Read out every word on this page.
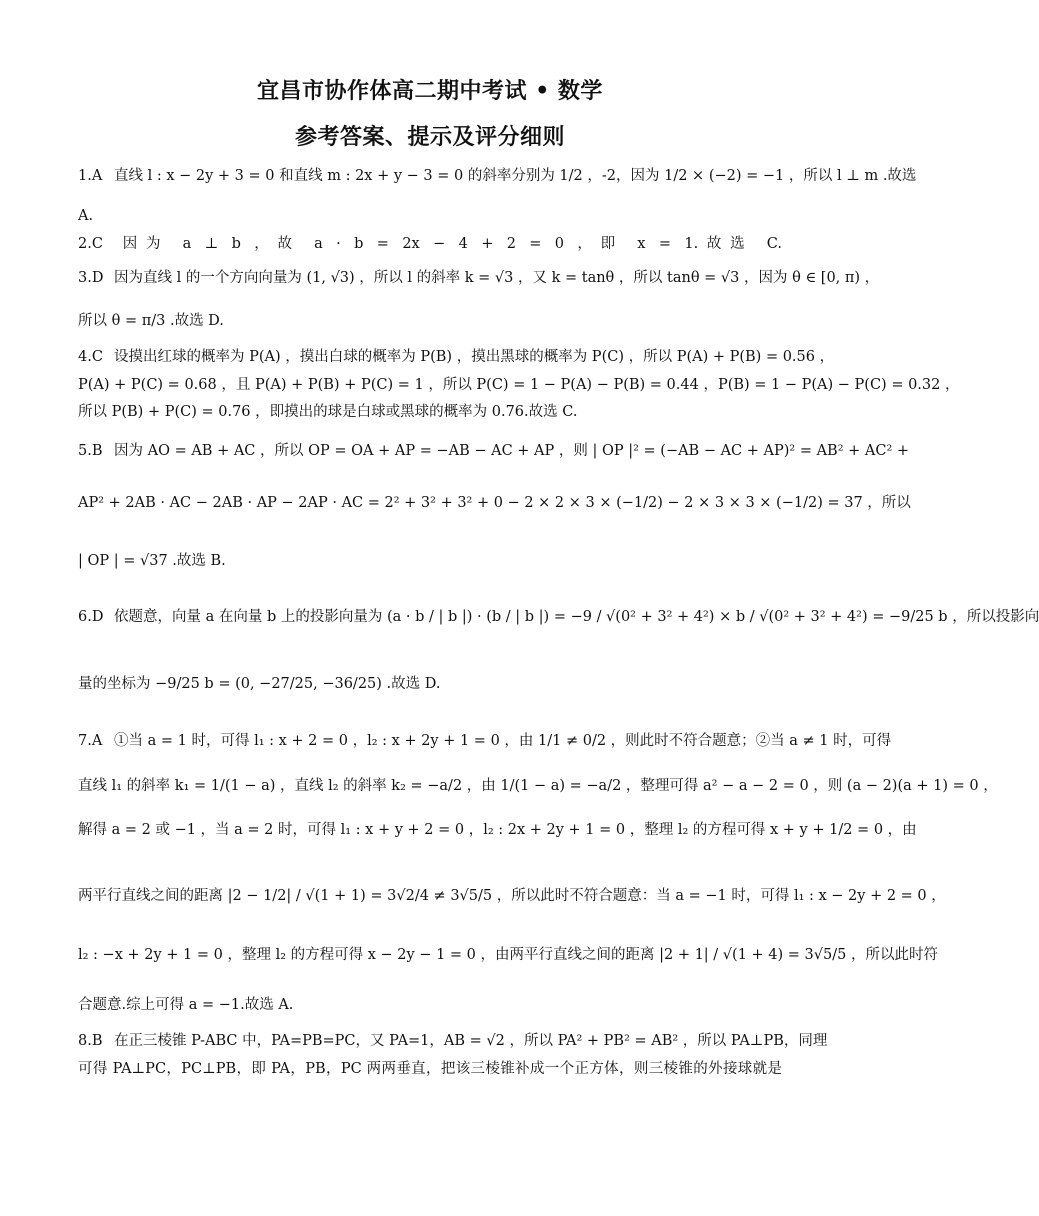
宜昌市协作体高二期中考试 • 数学
参考答案、提示及评分细则
1.A 直线 l : x − 2y + 3 = 0 和直线 m : 2x + y − 3 = 0 的斜率分别为 1/2 ，-2，因为 1/2 × (−2) = −1 ，所以 l ⊥ m .故选
A.
2.C 因为 a ⊥ b ，故 a · b = 2x − 4 + 2 = 0 ，即 x = 1.故选 C.
3.D 因为直线 l 的一个方向向量为 (1, √3) ，所以 l 的斜率 k = √3 ，又 k = tanθ ，所以 tanθ = √3 ，因为 θ ∈ [0, π) ，
所以 θ = π/3 .故选 D.
4.C 设摸出红球的概率为 P(A) ，摸出白球的概率为 P(B) ，摸出黑球的概率为 P(C) ，所以 P(A) + P(B) = 0.56 ，
P(A) + P(C) = 0.68 ，且 P(A) + P(B) + P(C) = 1 ，所以 P(C) = 1 − P(A) − P(B) = 0.44 ，P(B) = 1 − P(A) − P(C) = 0.32 ，
所以 P(B) + P(C) = 0.76 ，即摸出的球是白球或黑球的概率为 0.76.故选 C.
5.B 因为 AO = AB + AC ，所以 OP = OA + AP = −AB − AC + AP ，则 | OP |² = (−AB − AC + AP)² = AB² + AC² +
AP² + 2AB · AC − 2AB · AP − 2AP · AC = 2² + 3² + 3² + 0 − 2 × 2 × 3 × (−1/2) − 2 × 3 × 3 × (−1/2) = 37 ，所以
| OP | = √37 .故选 B.
6.D 依题意，向量 a 在向量 b 上的投影向量为 (a · b / | b |) · (b / | b |) = −9 / √(0² + 3² + 4²) × b / √(0² + 3² + 4²) = −9/25 b ，所以投影向
量的坐标为 −9/25 b = (0, −27/25, −36/25) .故选 D.
7.A ①当 a = 1 时，可得 l₁ : x + 2 = 0 ，l₂ : x + 2y + 1 = 0 ，由 1/1 ≠ 0/2 ，则此时不符合题意；②当 a ≠ 1 时，可得
直线 l₁ 的斜率 k₁ = 1/(1 − a) ，直线 l₂ 的斜率 k₂ = −a/2 ，由 1/(1 − a) = −a/2 ，整理可得 a² − a − 2 = 0 ，则 (a − 2)(a + 1) = 0 ，
解得 a = 2 或 −1 ，当 a = 2 时，可得 l₁ : x + y + 2 = 0 ，l₂ : 2x + 2y + 1 = 0 ，整理 l₂ 的方程可得 x + y + 1/2 = 0 ，由
两平行直线之间的距离 |2 − 1/2| / √(1 + 1) = 3√2/4 ≠ 3√5/5 ，所以此时不符合题意：当 a = −1 时，可得 l₁ : x − 2y + 2 = 0 ，
l₂ : −x + 2y + 1 = 0 ，整理 l₂ 的方程可得 x − 2y − 1 = 0 ，由两平行直线之间的距离 |2 + 1| / √(1 + 4) = 3√5/5 ，所以此时符
合题意.综上可得 a = −1.故选 A.
8.B 在正三棱锥 P-ABC 中，PA=PB=PC，又 PA=1，AB = √2 ，所以 PA² + PB² = AB² ，所以 PA⊥PB，同理
可得 PA⊥PC，PC⊥PB，即 PA，PB，PC 两两垂直，把该三棱锥补成一个正方体，则三棱锥的外接球就是
